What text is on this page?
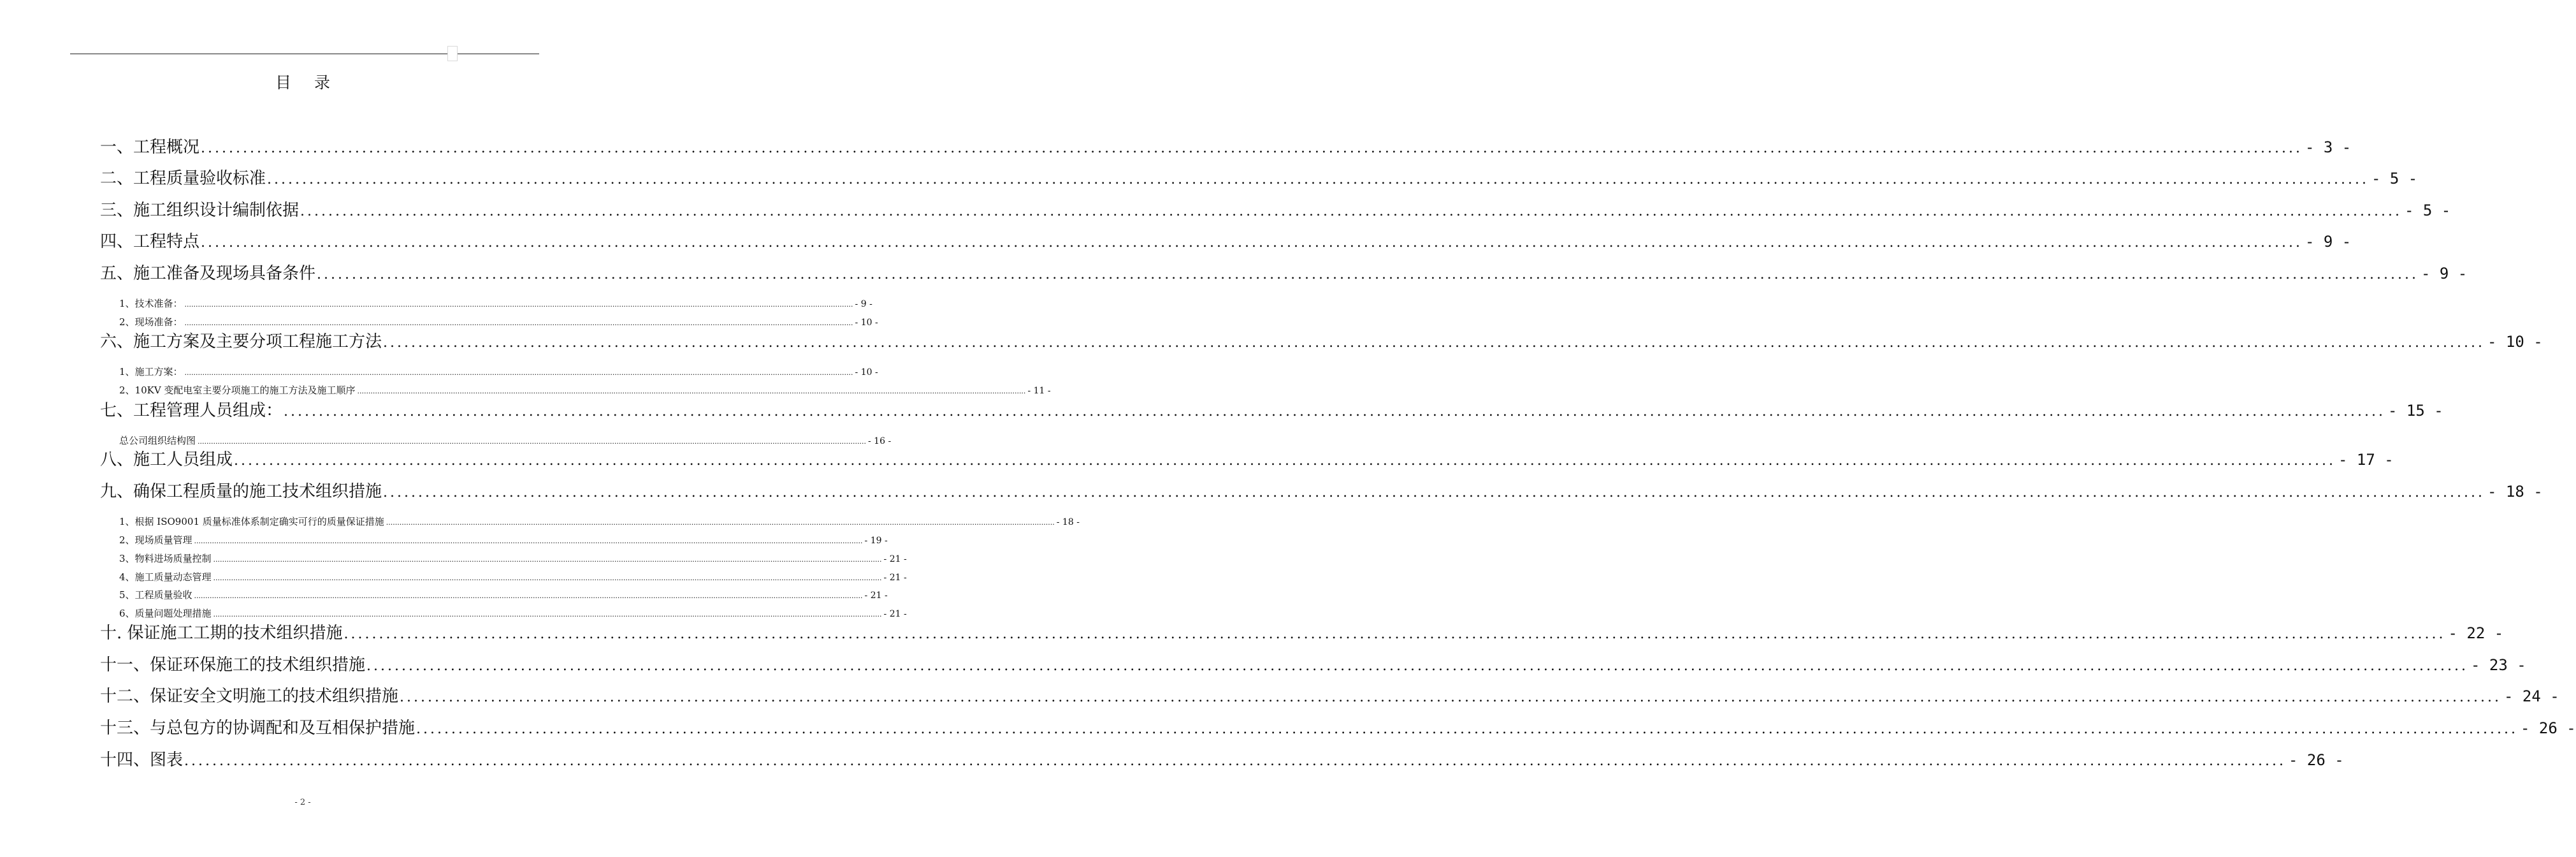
目 录
一、工程概况 ............................................................................................................................................................................................................................................................................................................ - 3 -
二、工程质量验收标准 ............................................................................................................................................................................................................................................................................................................ - 5 -
三、施工组织设计编制依据 ............................................................................................................................................................................................................................................................................................................ - 5 -
四、工程特点 ............................................................................................................................................................................................................................................................................................................ - 9 -
五、施工准备及现场具备条件 ............................................................................................................................................................................................................................................................................................................ - 9 -
1、技术准备： ............................................................................................................................................................................................................................................................................................................ - 9 -
2、现场准备： ............................................................................................................................................................................................................................................................................................................ - 10 -
六、施工方案及主要分项工程施工方法 ............................................................................................................................................................................................................................................................................................................ - 10 -
1、施工方案： ............................................................................................................................................................................................................................................................................................................ - 10 -
2、10KV 变配电室主要分项施工的施工方法及施工顺序 ............................................................................................................................................................................................................................................................................................................ - 11 -
七、工程管理人员组成： ............................................................................................................................................................................................................................................................................................................ - 15 -
总公司组织结构图 ............................................................................................................................................................................................................................................................................................................ - 16 -
八、施工人员组成 ............................................................................................................................................................................................................................................................................................................ - 17 -
九、确保工程质量的施工技术组织措施 ............................................................................................................................................................................................................................................................................................................ - 18 -
1、根据 ISO9001 质量标准体系制定确实可行的质量保证措施 ............................................................................................................................................................................................................................................................................................................ - 18 -
2、现场质量管理 ............................................................................................................................................................................................................................................................................................................ - 19 -
3、物料进场质量控制 ............................................................................................................................................................................................................................................................................................................ - 21 -
4、施工质量动态管理 ............................................................................................................................................................................................................................................................................................................ - 21 -
5、工程质量验收 ............................................................................................................................................................................................................................................................................................................ - 21 -
6、质量问题处理措施 ............................................................................................................................................................................................................................................................................................................ - 21 -
十. 保证施工工期的技术组织措施 ............................................................................................................................................................................................................................................................................................................ - 22 -
十一、保证环保施工的技术组织措施 ............................................................................................................................................................................................................................................................................................................ - 23 -
十二、保证安全文明施工的技术组织措施 ............................................................................................................................................................................................................................................................................................................ - 24 -
十三、与总包方的协调配和及互相保护措施 ............................................................................................................................................................................................................................................................................................................ - 26 -
十四、图表 ............................................................................................................................................................................................................................................................................................................ - 26 -
- 2 -
